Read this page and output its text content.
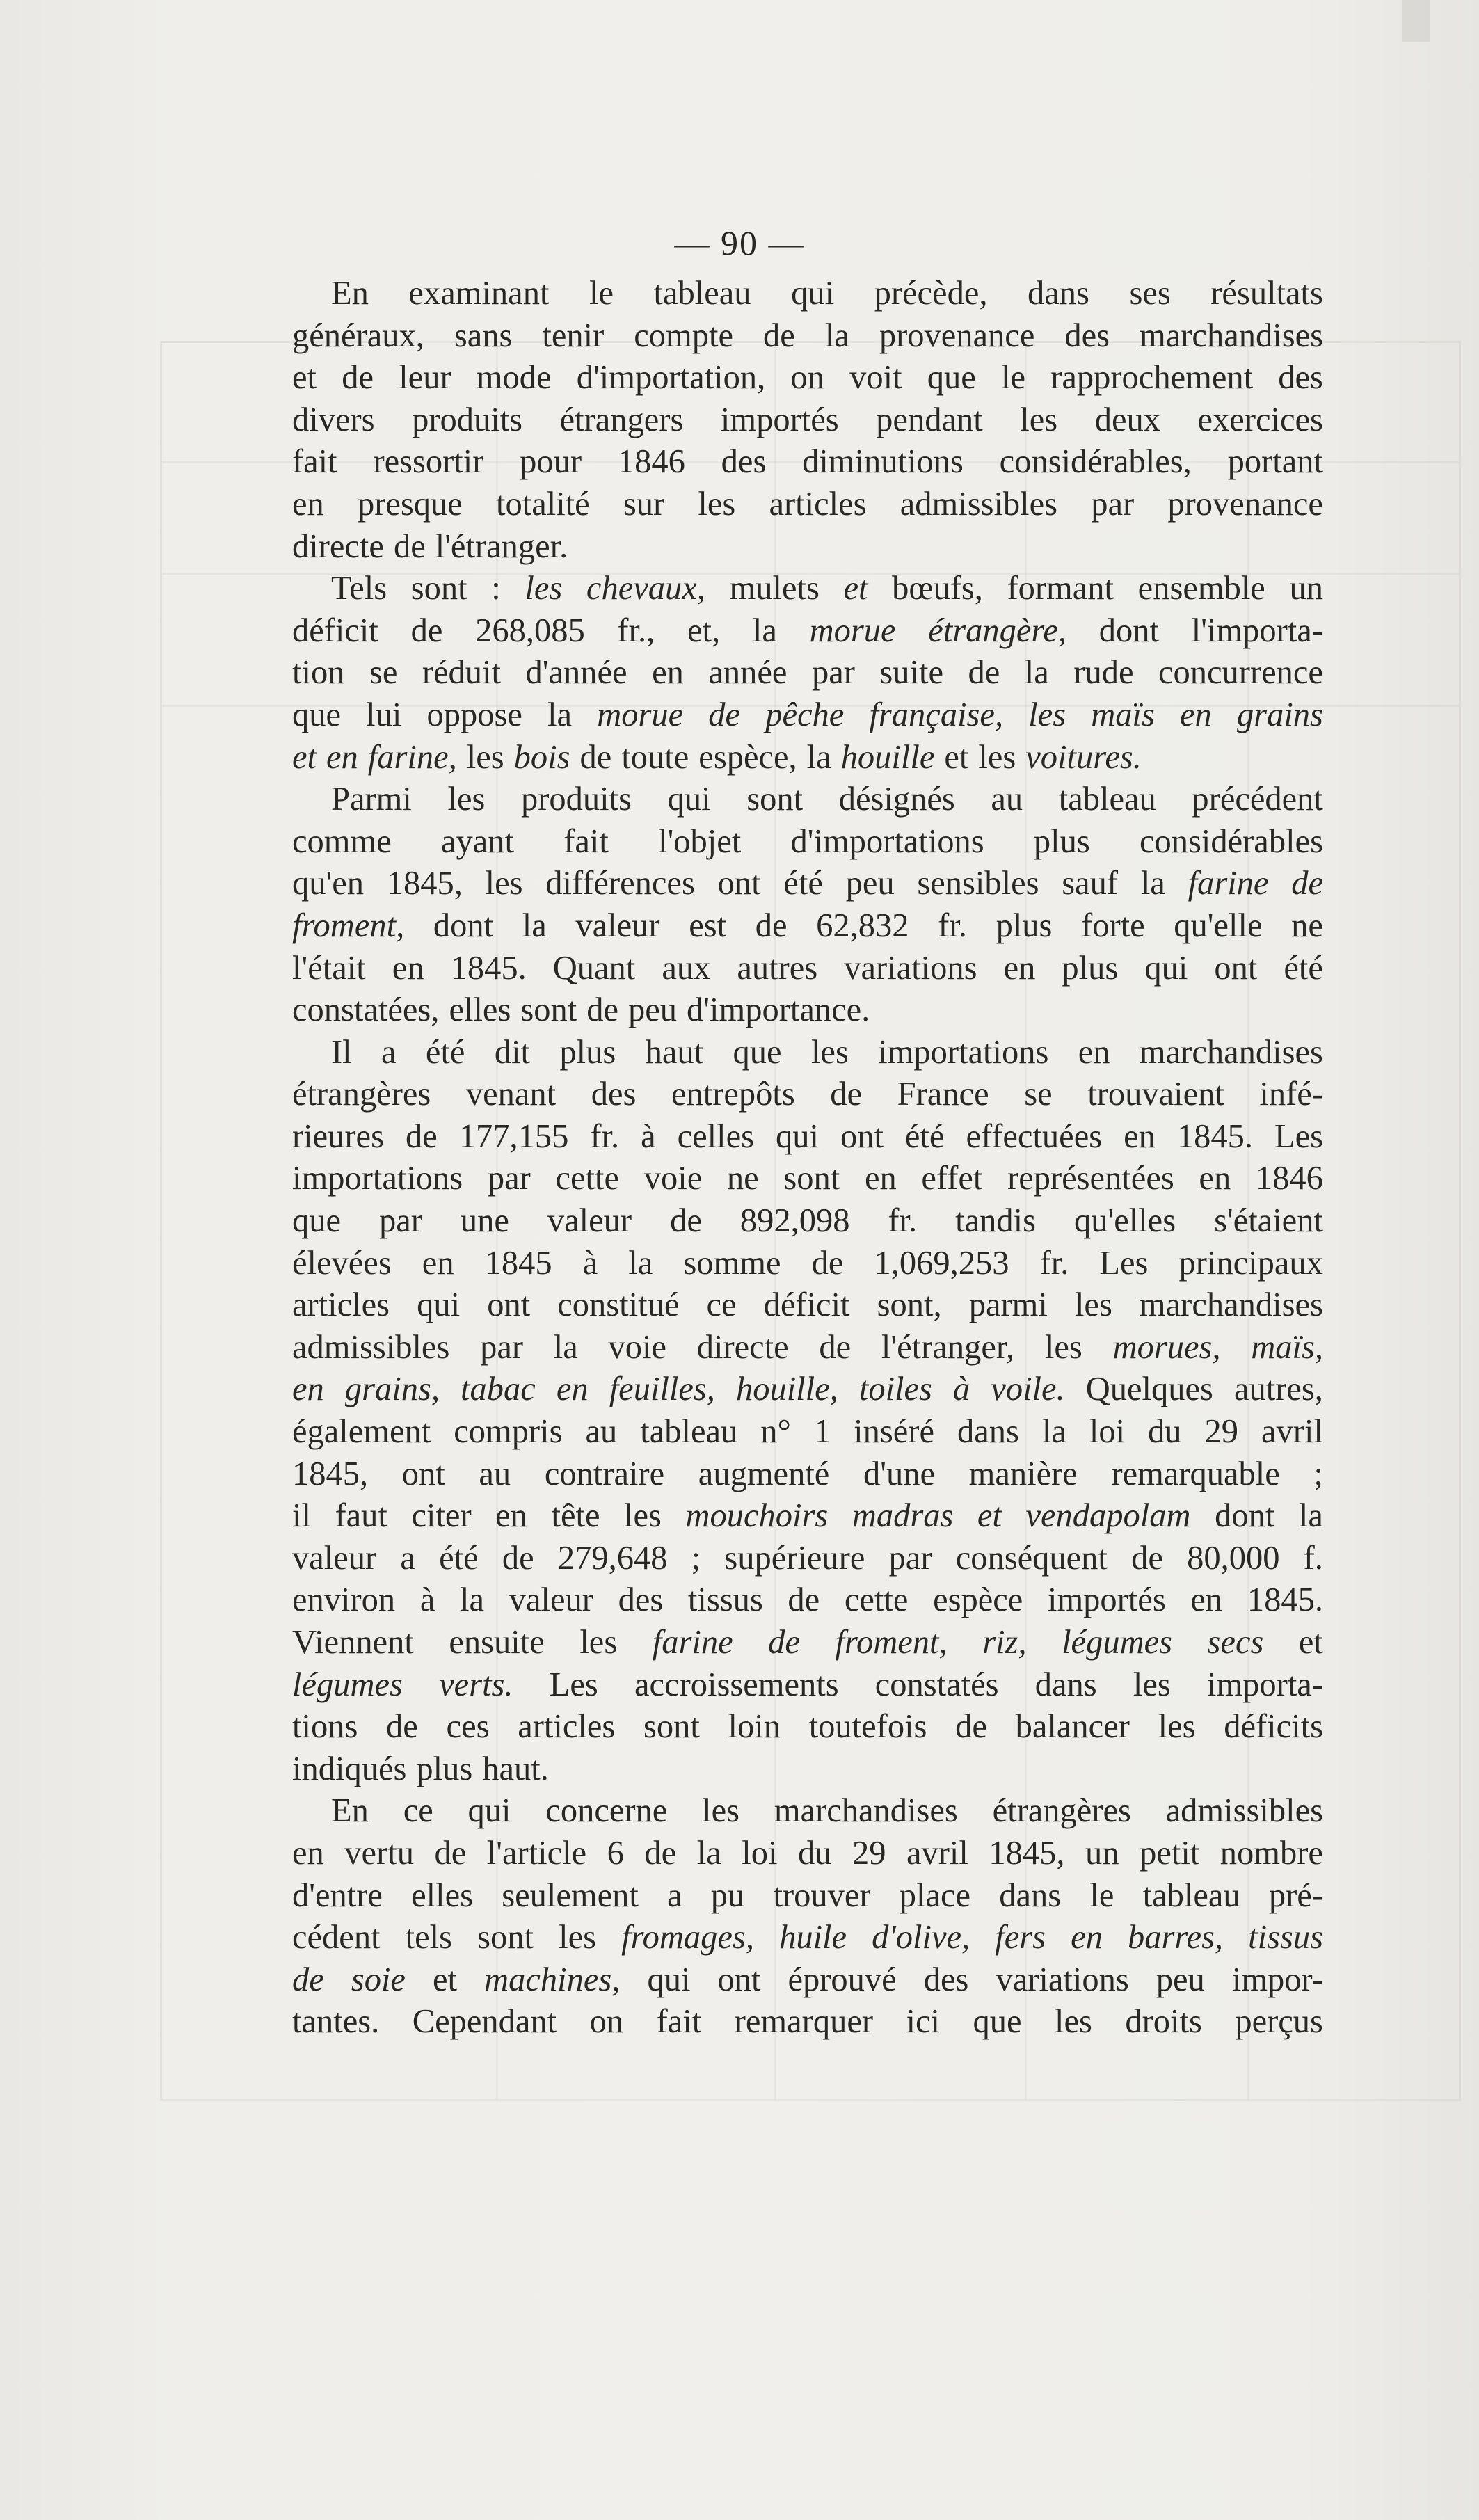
— 90 —
En examinant le tableau qui précède, dans ses résultats
généraux, sans tenir compte de la provenance des marchandises
et de leur mode d'importation, on voit que le rapprochement des
divers produits étrangers importés pendant les deux exercices
fait ressortir pour 1846 des diminutions considérables, portant
en presque totalité sur les articles admissibles par provenance
directe de l'étranger.
Tels sont : les chevaux, mulets et bœufs, formant ensemble un
déficit de 268,085 fr., et, la morue étrangère, dont l'importa-
tion se réduit d'année en année par suite de la rude concurrence
que lui oppose la morue de pêche française, les maïs en grains
et en farine, les bois de toute espèce, la houille et les voitures.
Parmi les produits qui sont désignés au tableau précédent
comme ayant fait l'objet d'importations plus considérables
qu'en 1845, les différences ont été peu sensibles sauf la farine de
froment, dont la valeur est de 62,832 fr. plus forte qu'elle ne
l'était en 1845. Quant aux autres variations en plus qui ont été
constatées, elles sont de peu d'importance.
Il a été dit plus haut que les importations en marchandises
étrangères venant des entrepôts de France se trouvaient infé-
rieures de 177,155 fr. à celles qui ont été effectuées en 1845. Les
importations par cette voie ne sont en effet représentées en 1846
que par une valeur de 892,098 fr. tandis qu'elles s'étaient
élevées en 1845 à la somme de 1,069,253 fr. Les principaux
articles qui ont constitué ce déficit sont, parmi les marchandises
admissibles par la voie directe de l'étranger, les morues, maïs,
en grains, tabac en feuilles, houille, toiles à voile. Quelques autres,
également compris au tableau n° 1 inséré dans la loi du 29 avril
1845, ont au contraire augmenté d'une manière remarquable ;
il faut citer en tête les mouchoirs madras et vendapolam dont la
valeur a été de 279,648 ; supérieure par conséquent de 80,000 f.
environ à la valeur des tissus de cette espèce importés en 1845.
Viennent ensuite les farine de froment, riz, légumes secs et
légumes verts. Les accroissements constatés dans les importa-
tions de ces articles sont loin toutefois de balancer les déficits
indiqués plus haut.
En ce qui concerne les marchandises étrangères admissibles
en vertu de l'article 6 de la loi du 29 avril 1845, un petit nombre
d'entre elles seulement a pu trouver place dans le tableau pré-
cédent tels sont les fromages, huile d'olive, fers en barres, tissus
de soie et machines, qui ont éprouvé des variations peu impor-
tantes. Cependant on fait remarquer ici que les droits perçus
